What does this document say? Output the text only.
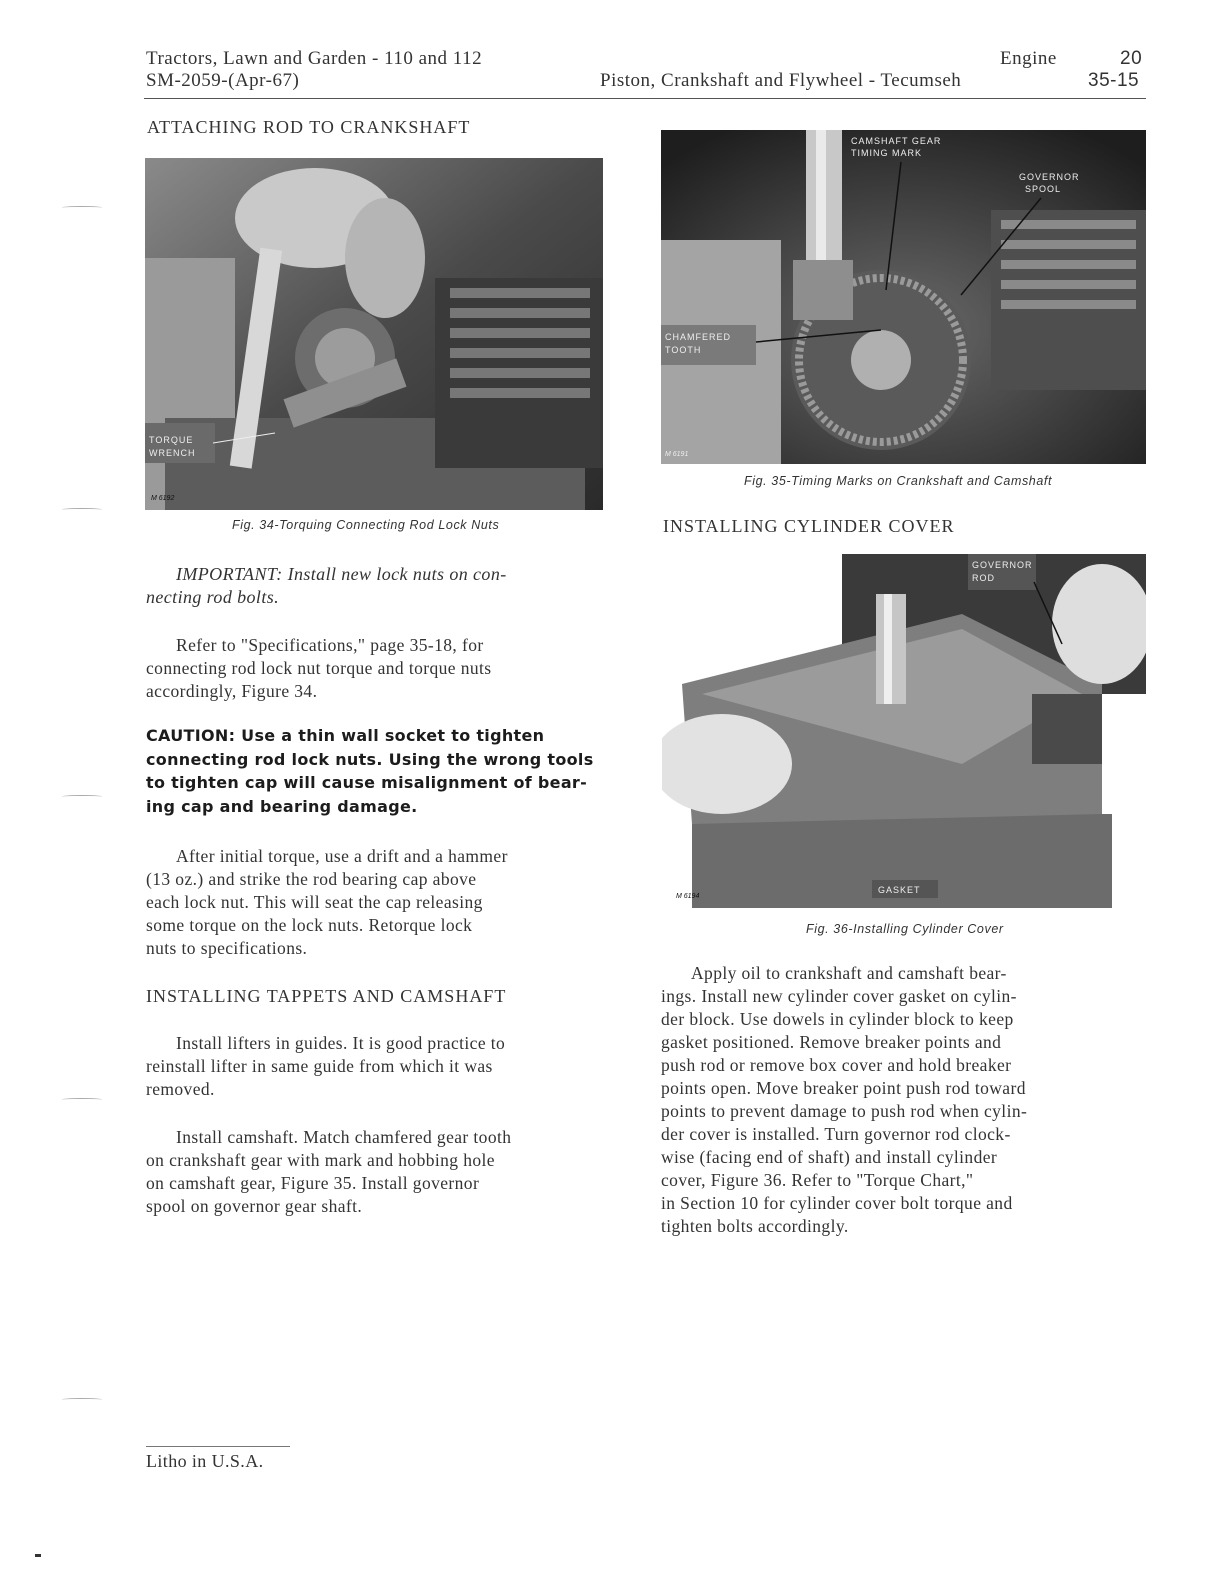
Tractors, Lawn and Garden - 110 and 112
SM-2059-(Apr-67)
Engine	20
Piston, Crankshaft and Flywheel - Tecumseh	35-15
ATTACHING ROD TO CRANKSHAFT
TORQUE
WRENCH
M 6192
Fig. 34-Torquing Connecting Rod Lock Nuts
IMPORTANT: Install new lock nuts on con-
necting rod bolts.
Refer to "Specifications," page 35-18, for
connecting rod lock nut torque and torque nuts
accordingly, Figure 34.
CAUTION: Use a thin wall socket to tighten
connecting rod lock nuts. Using the wrong tools
to tighten cap will cause misalignment of bear-
ing cap and bearing damage.
After initial torque, use a drift and a hammer
(13 oz.) and strike the rod bearing cap above
each lock nut. This will seat the cap releasing
some torque on the lock nuts. Retorque lock
nuts to specifications.
INSTALLING TAPPETS AND CAMSHAFT
Install lifters in guides. It is good practice to
reinstall lifter in same guide from which it was
removed.
Install camshaft. Match chamfered gear tooth
on crankshaft gear with mark and hobbing hole
on camshaft gear, Figure 35. Install governor
spool on governor gear shaft.
CAMSHAFT GEAR
TIMING MARK
GOVERNOR
SPOOL
CHAMFERED
TOOTH
M 6191
Fig. 35-Timing Marks on Crankshaft and Camshaft
INSTALLING CYLINDER COVER
GOVERNOR
ROD
GASKET
M 6194
Fig. 36-Installing Cylinder Cover
Apply oil to crankshaft and camshaft bear-
ings. Install new cylinder cover gasket on cylin-
der block. Use dowels in cylinder block to keep
gasket positioned. Remove breaker points and
push rod or remove box cover and hold breaker
points open. Move breaker point push rod toward
points to prevent damage to push rod when cylin-
der cover is installed. Turn governor rod clock-
wise (facing end of shaft) and install cylinder
cover, Figure 36. Refer to "Torque Chart,"
in Section 10 for cylinder cover bolt torque and
tighten bolts accordingly.
Litho in U.S.A.
